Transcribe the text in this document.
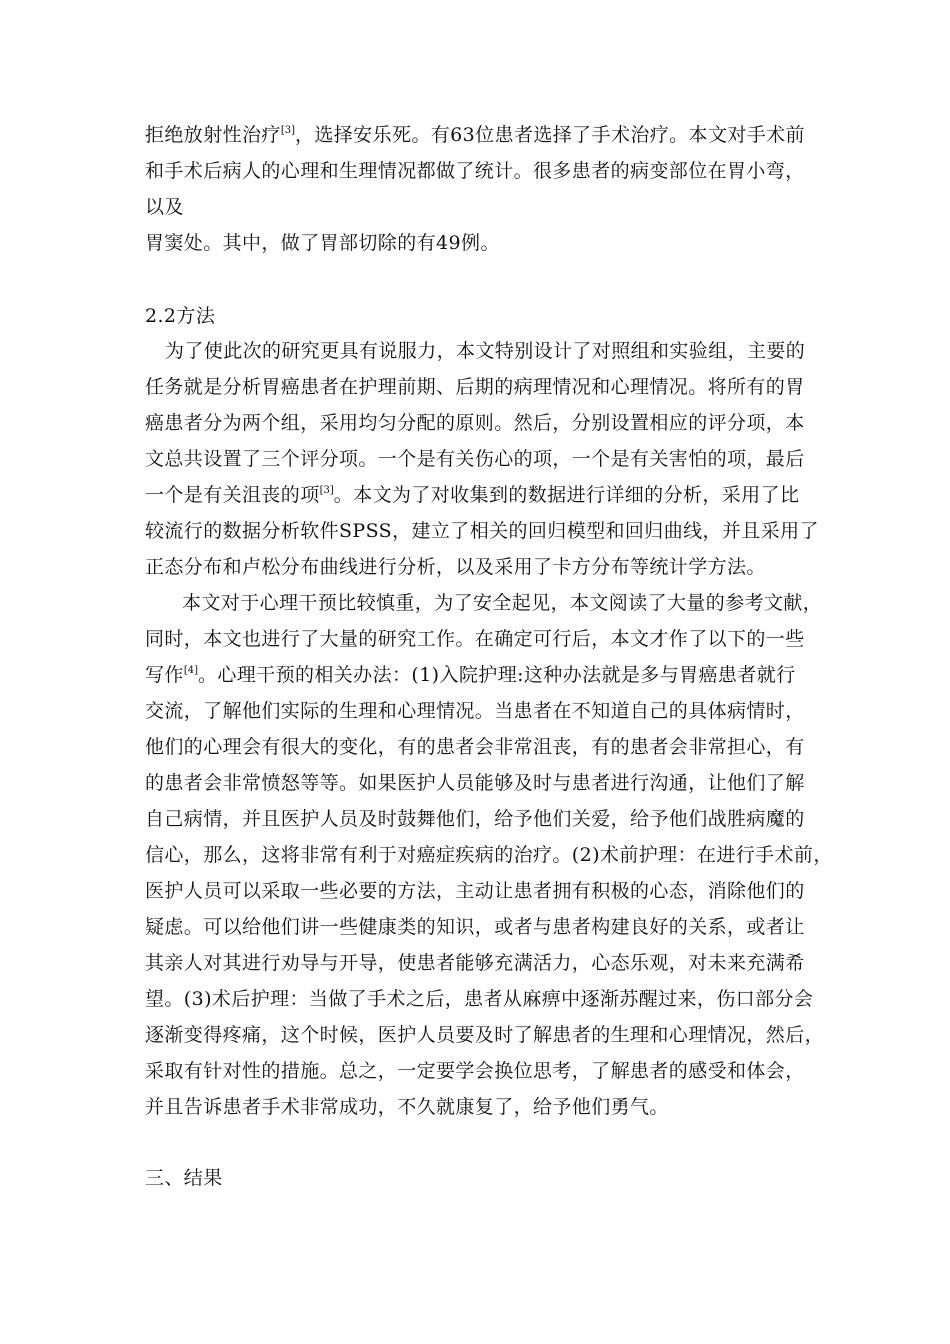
拒绝放射性治疗[3]，选择安乐死。有63位患者选择了手术治疗。本文对手术前

和手术后病人的心理和生理情况都做了统计。很多患者的病变部位在胃小弯，

以及

胃窦处。其中，做了胃部切除的有49例。

2.2方法

为了使此次的研究更具有说服力，本文特别设计了对照组和实验组，主要的

任务就是分析胃癌患者在护理前期、后期的病理情况和心理情况。将所有的胃

癌患者分为两个组，采用均匀分配的原则。然后，分别设置相应的评分项，本

文总共设置了三个评分项。一个是有关伤心的项，一个是有关害怕的项，最后

一个是有关沮丧的项[3]。本文为了对收集到的数据进行详细的分析，采用了比

较流行的数据分析软件SPSS，建立了相关的回归模型和回归曲线，并且采用了

正态分布和卢松分布曲线进行分析，以及采用了卡方分布等统计学方法。

本文对于心理干预比较慎重，为了安全起见，本文阅读了大量的参考文献，

同时，本文也进行了大量的研究工作。在确定可行后，本文才作了以下的一些

写作[4]。心理干预的相关办法：(1)入院护理:这种办法就是多与胃癌患者就行

交流，了解他们实际的生理和心理情况。当患者在不知道自己的具体病情时，

他们的心理会有很大的变化，有的患者会非常沮丧，有的患者会非常担心，有

的患者会非常愤怒等等。如果医护人员能够及时与患者进行沟通，让他们了解

自己病情，并且医护人员及时鼓舞他们，给予他们关爱，给予他们战胜病魔的

信心，那么，这将非常有利于对癌症疾病的治疗。(2)术前护理：在进行手术前，

医护人员可以采取一些必要的方法，主动让患者拥有积极的心态，消除他们的

疑虑。可以给他们讲一些健康类的知识，或者与患者构建良好的关系，或者让

其亲人对其进行劝导与开导，使患者能够充满活力，心态乐观，对未来充满希

望。(3)术后护理：当做了手术之后，患者从麻痹中逐渐苏醒过来，伤口部分会

逐渐变得疼痛，这个时候，医护人员要及时了解患者的生理和心理情况，然后，

采取有针对性的措施。总之，一定要学会换位思考，了解患者的感受和体会，

并且告诉患者手术非常成功，不久就康复了，给予他们勇气。

三、结果
